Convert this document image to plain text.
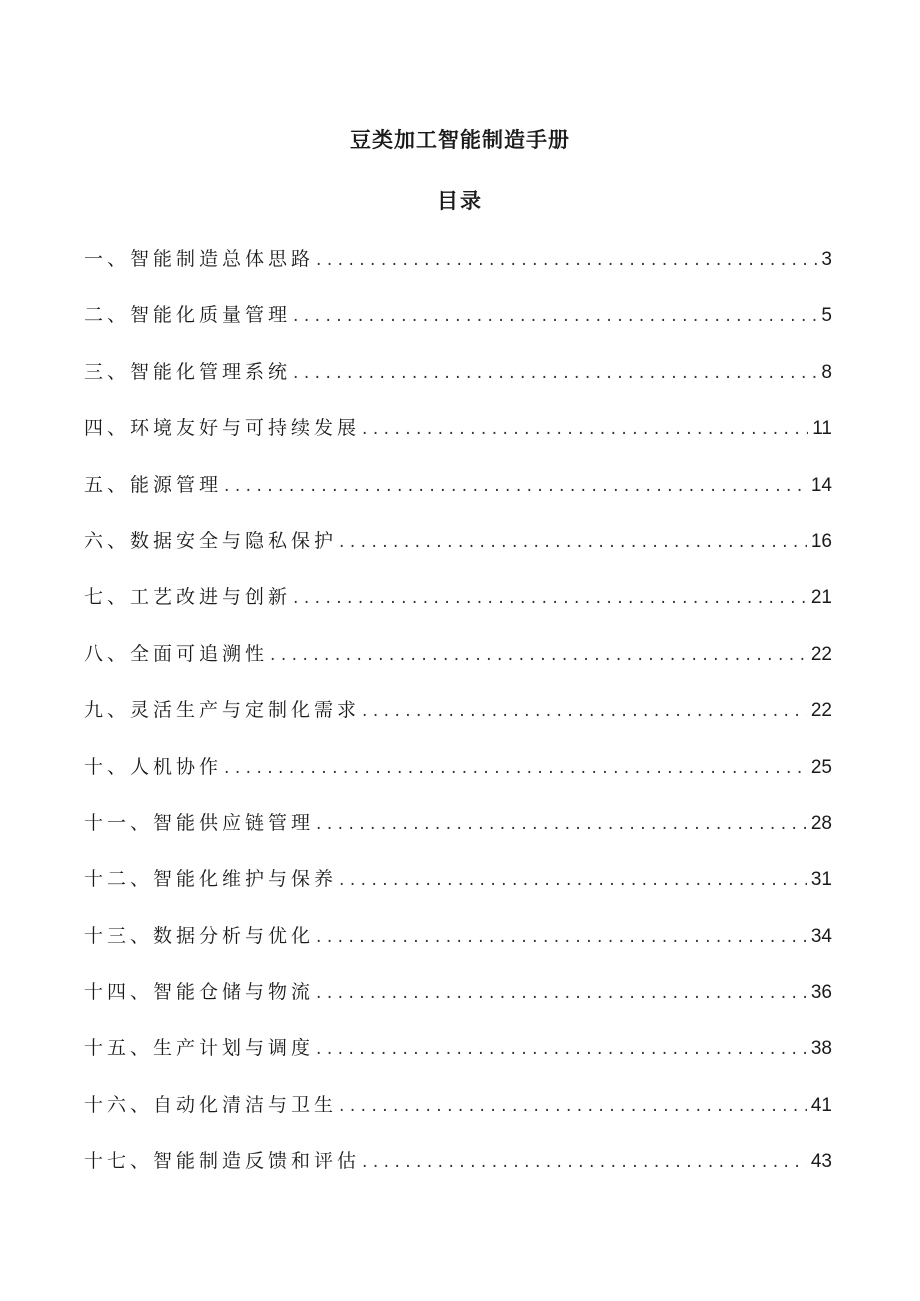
豆类加工智能制造手册
目录
一、智能制造总体思路 . . .	3
二、智能化质量管理 . . .	5
三、智能化管理系统 . . .	8
四、环境友好与可持续发展 . . .	11
五、能源管理 . . .	14
六、数据安全与隐私保护 . . .	16
七、工艺改进与创新 . . .	21
八、全面可追溯性 . . .	22
九、灵活生产与定制化需求 . . .	22
十、人机协作 . . .	25
十一、智能供应链管理 . . .	28
十二、智能化维护与保养 . . .	31
十三、数据分析与优化 . . .	34
十四、智能仓储与物流 . . .	36
十五、生产计划与调度 . . .	38
十六、自动化清洁与卫生 . . .	41
十七、智能制造反馈和评估 . . .	43
